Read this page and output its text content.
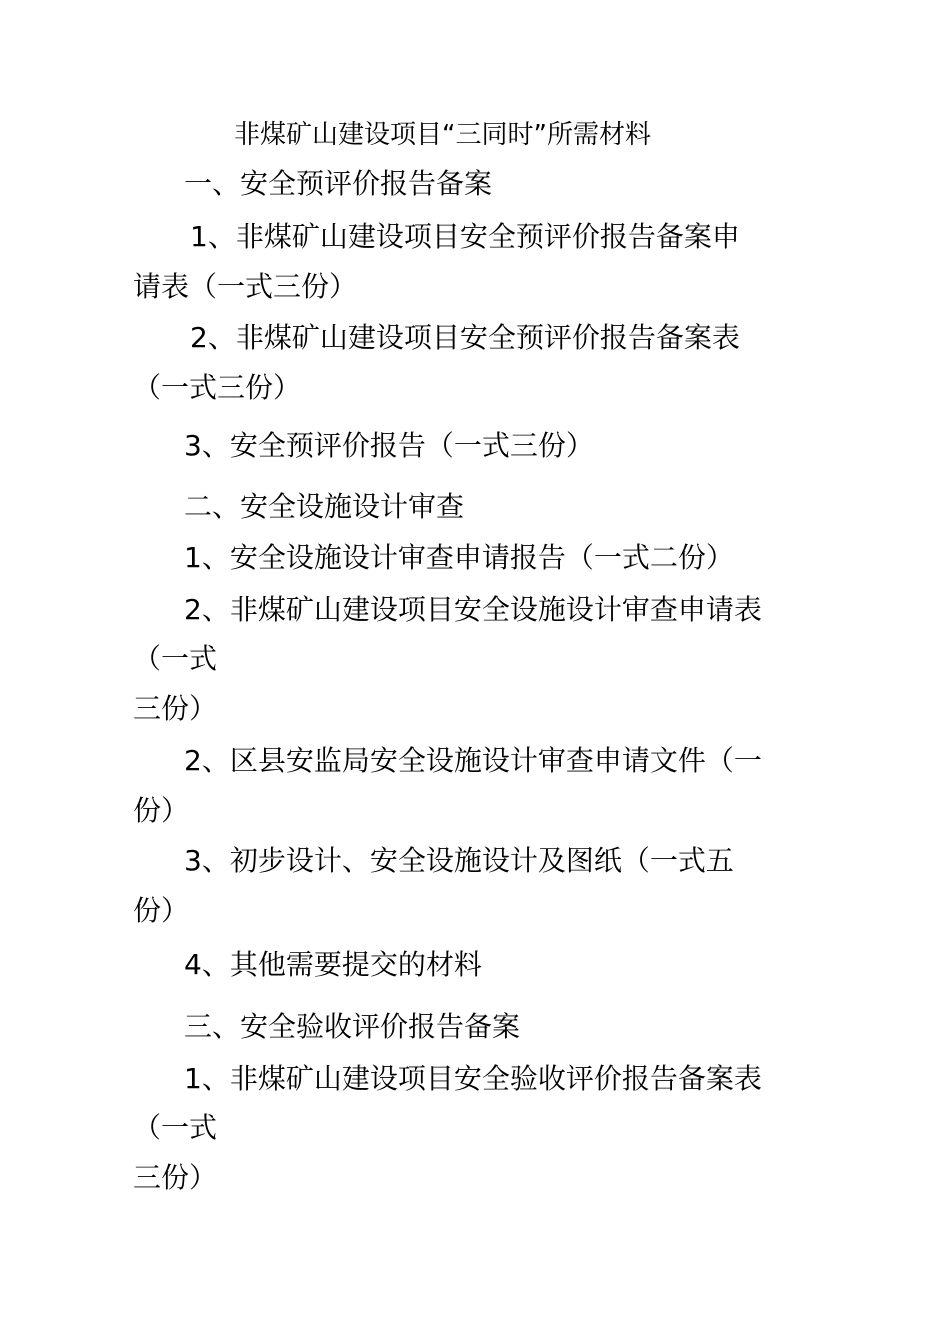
非煤矿山建设项目“三同时”所需材料
一、安全预评价报告备案
1、非煤矿山建设项目安全预评价报告备案申
请表（一式三份）
2、非煤矿山建设项目安全预评价报告备案表
（一式三份）
3、安全预评价报告（一式三份）
二、安全设施设计审查
1、安全设施设计审查申请报告（一式二份）
2、非煤矿山建设项目安全设施设计审查申请表
（一式
三份）
2、区县安监局安全设施设计审查申请文件（一
份）
3、初步设计、安全设施设计及图纸（一式五
份）
4、其他需要提交的材料
三、安全验收评价报告备案
1、非煤矿山建设项目安全验收评价报告备案表
（一式
三份）
